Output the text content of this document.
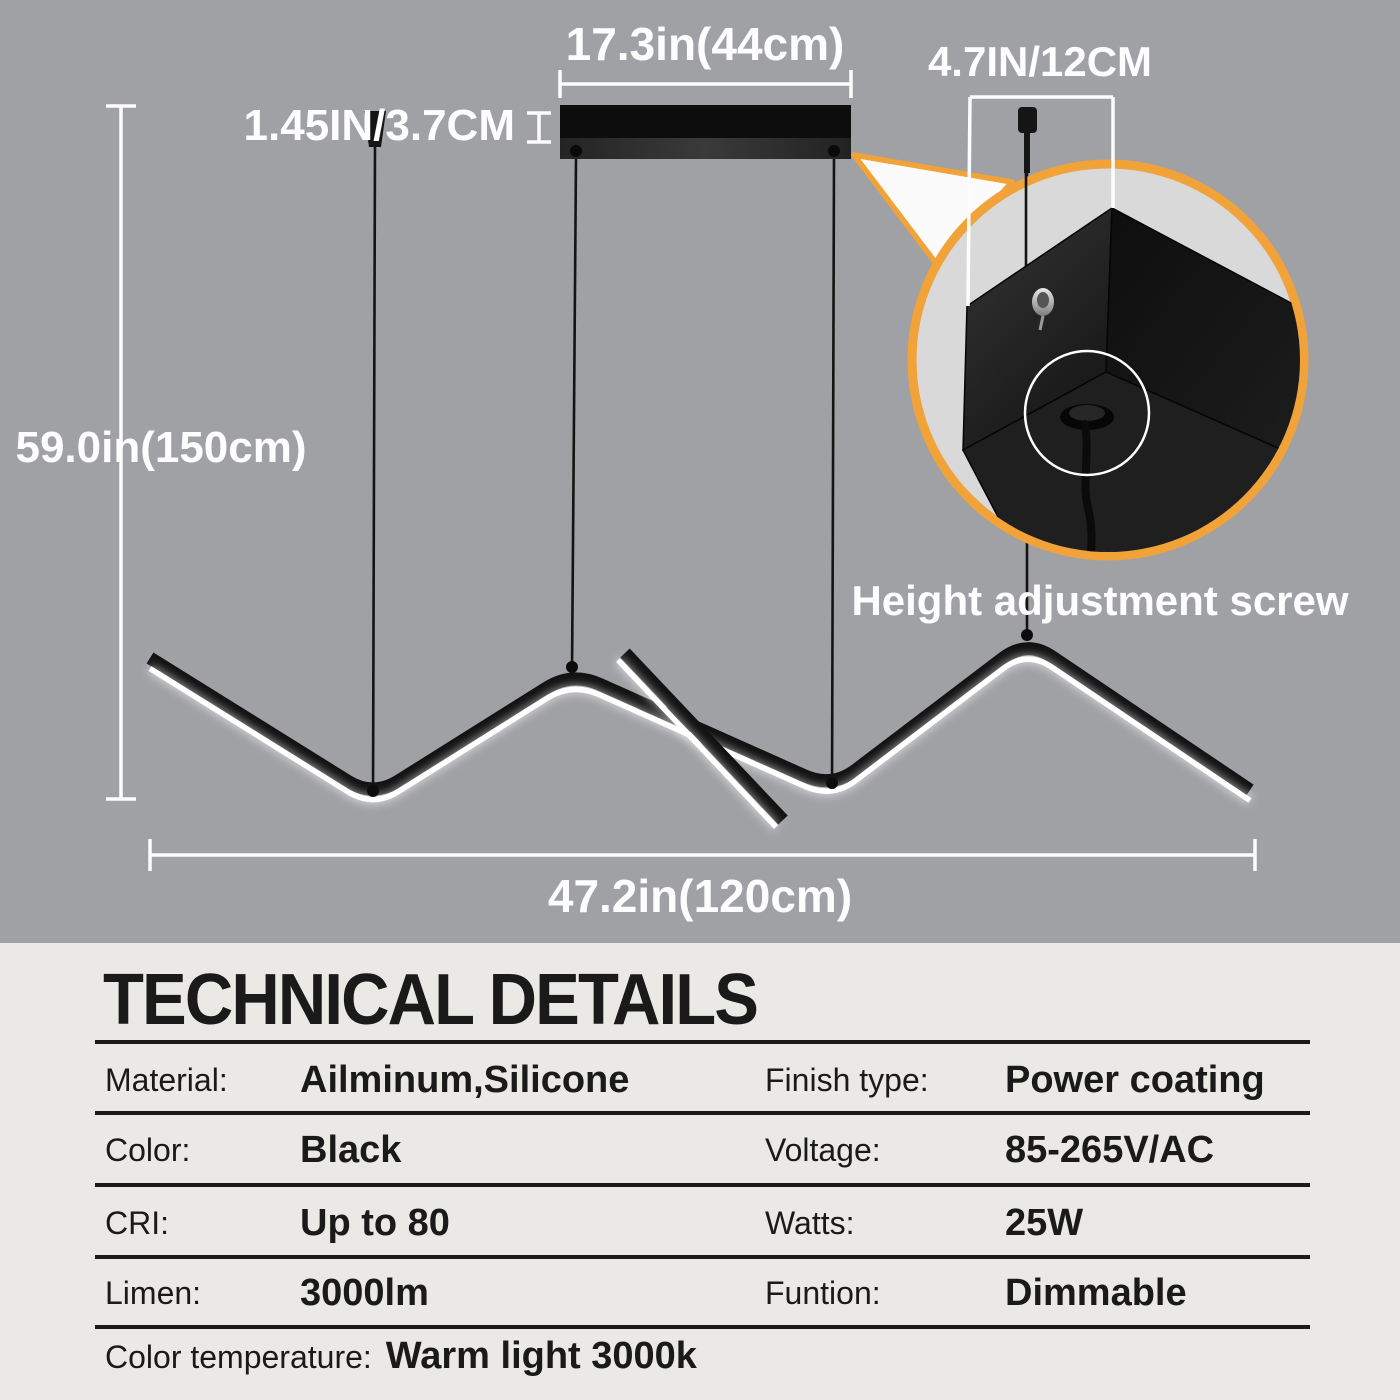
17.3in(44cm) 4.7IN/12CM
1.45IN/3.7CM
59.0in(150cm)
47.2in(120cm)
Height adjustment screw
TECHNICAL DETAILS
Material: Ailminum,Silicone	Finish type: Power coating
Color:	Black	Voltage:	85-265V/AC
CRI:	Up to 80	Watts:	25W
Limen:	3000lm	Funtion:	Dimmable
Color temperature: Warm light 3000k
